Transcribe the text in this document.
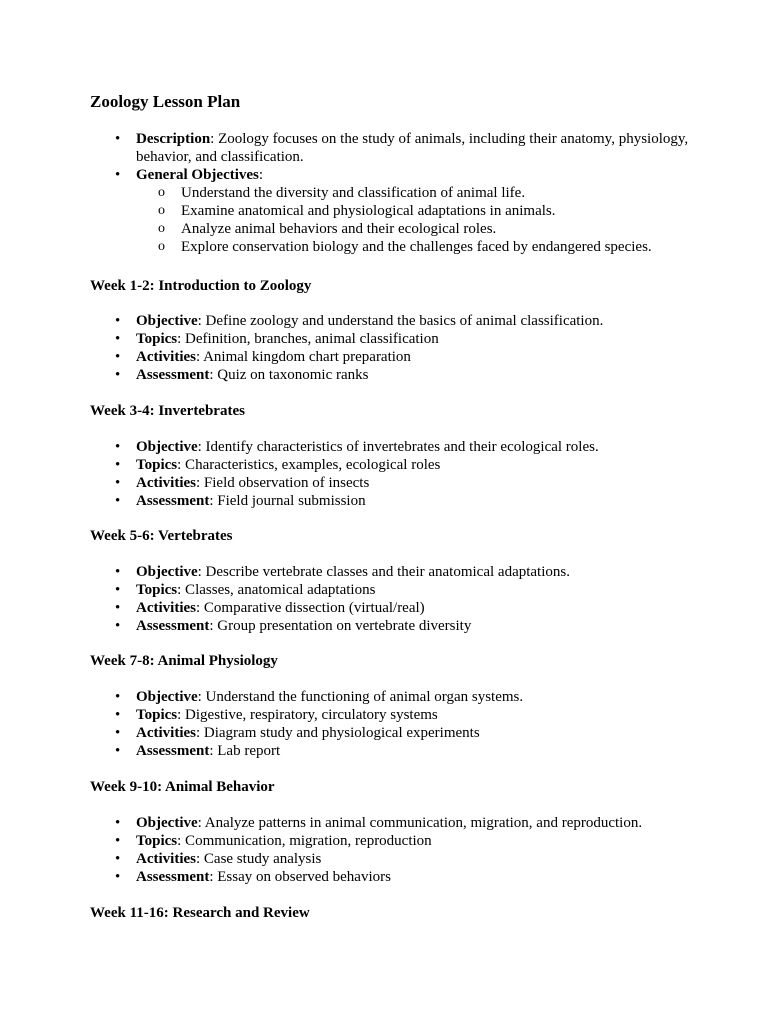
Zoology Lesson Plan
• Description: Zoology focuses on the study of animals, including their anatomy, physiology, behavior, and classification.
• General Objectives:
o Understand the diversity and classification of animal life.
o Examine anatomical and physiological adaptations in animals.
o Analyze animal behaviors and their ecological roles.
o Explore conservation biology and the challenges faced by endangered species.
Week 1-2: Introduction to Zoology
• Objective: Define zoology and understand the basics of animal classification.
• Topics: Definition, branches, animal classification
• Activities: Animal kingdom chart preparation
• Assessment: Quiz on taxonomic ranks
Week 3-4: Invertebrates
• Objective: Identify characteristics of invertebrates and their ecological roles.
• Topics: Characteristics, examples, ecological roles
• Activities: Field observation of insects
• Assessment: Field journal submission
Week 5-6: Vertebrates
• Objective: Describe vertebrate classes and their anatomical adaptations.
• Topics: Classes, anatomical adaptations
• Activities: Comparative dissection (virtual/real)
• Assessment: Group presentation on vertebrate diversity
Week 7-8: Animal Physiology
• Objective: Understand the functioning of animal organ systems.
• Topics: Digestive, respiratory, circulatory systems
• Activities: Diagram study and physiological experiments
• Assessment: Lab report
Week 9-10: Animal Behavior
• Objective: Analyze patterns in animal communication, migration, and reproduction.
• Topics: Communication, migration, reproduction
• Activities: Case study analysis
• Assessment: Essay on observed behaviors
Week 11-16: Research and Review
